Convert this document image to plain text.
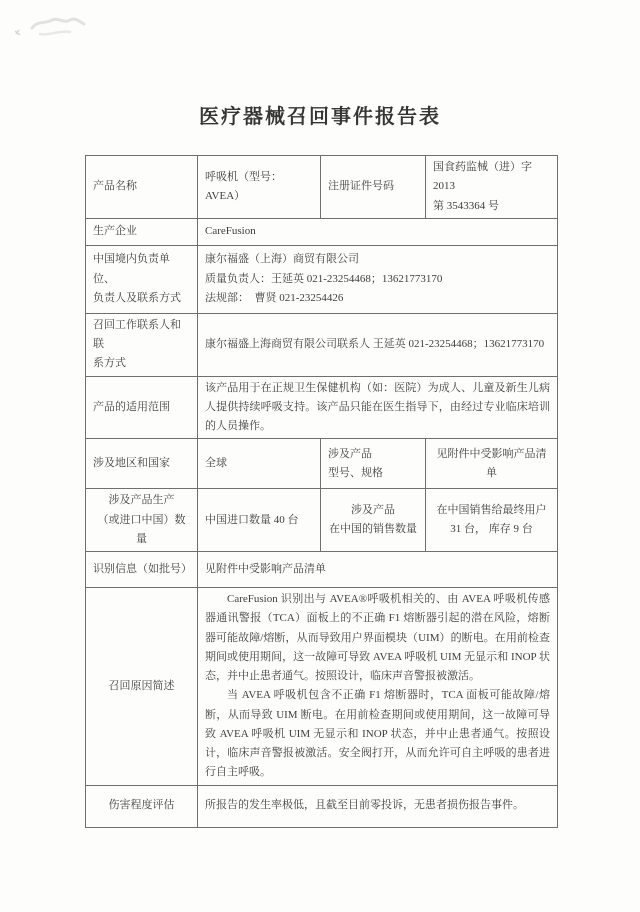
医疗器械召回事件报告表
产品名称	呼吸机（型号：AVEA）	注册证件号码	国食药监械（进）字 2013
第 3543364 号

生产企业	CareFusion		

中国境内负责单位、
负责人及联系方式	康尔福盛（上海）商贸有限公司
质量负责人：王延英 021-23254468；13621773170
法规部：　曹贤 021-23254426		

召回工作联系人和联
系方式	康尔福盛上海商贸有限公司联系人 王延英 021-23254468；13621773170		
产品的适用范围	该产品用于在正规卫生保健机构（如：医院）为成人、儿童及新生儿病人提供持续呼吸支持。该产品只能在医生指导下，由经过专业临床培训的人员操作。		
涉及地区和国家	全球	涉及产品
型号、规格	见附件中受影响产品清单

涉及产品生产
（或进口中国）数量	中国进口数量 40 台	涉及产品
在中国的销售数量	在中国销售给最终用户
31 台， 库存 9 台

识别信息（如批号）	见附件中受影响产品清单		
召回原因简述	CareFusion 识别出与 AVEA®呼吸机相关的、由 AVEA 呼吸机传感器通讯警报（TCA）面板上的不正确 F1 熔断器引起的潜在风险，熔断器可能故障/熔断，从而导致用户界面模块（UIM）的断电。在用前检查期间或使用期间，这一故障可导致 AVEA 呼吸机 UIM 无显示和 INOP 状态，并中止患者通气。按照设计，临床声音警报被激活。

当 AVEA 呼吸机包含不正确 F1 熔断器时，TCA 面板可能故障/熔断，从而导致 UIM 断电。在用前检查期间或使用期间，这一故障可导致 AVEA 呼吸机 UIM 无显示和 INOP 状态，并中止患者通气。按照设计，临床声音警报被激活。安全阀打开，从而允许可自主呼吸的患者进行自主呼吸。		

伤害程度评估	所报告的发生率极低，且截至目前零投诉，无患者损伤报告事件。		
